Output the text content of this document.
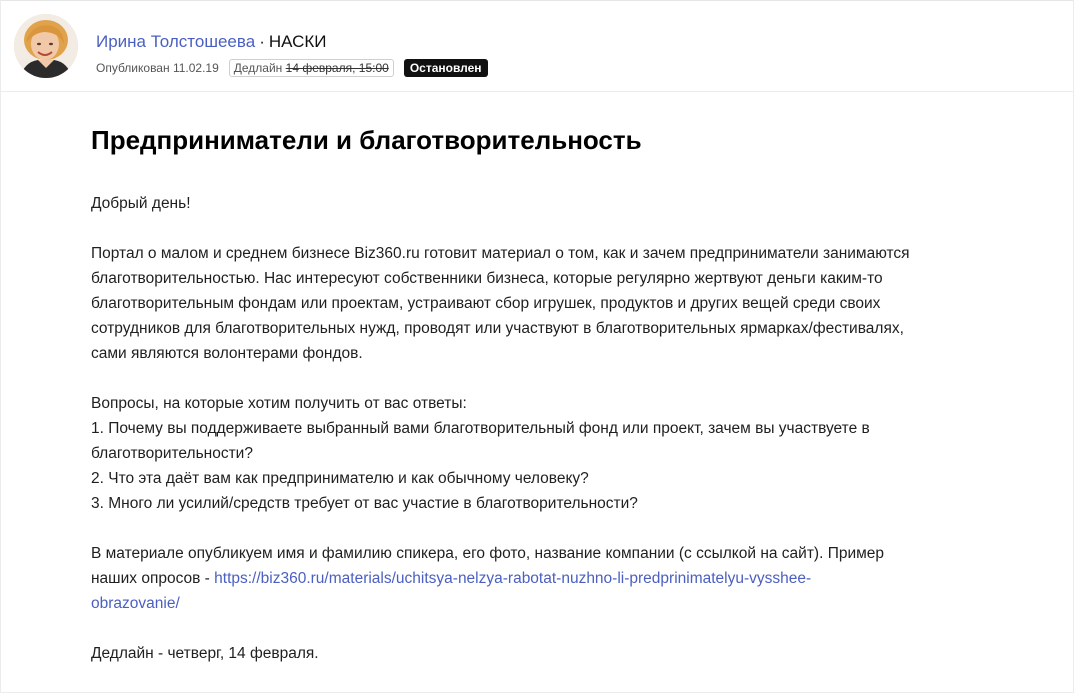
Ирина Толстошеева · НАСКИ
Опубликован 11.02.19	Дедлайн 14 февраля, 15:00	Остановлен
Предприниматели и благотворительность

Добрый день!

Портал о малом и среднем бизнесе Biz360.ru готовит материал о том, как и зачем предприниматели занимаются
благотворительностью. Нас интересуют собственники бизнеса, которые регулярно жертвуют деньги каким-то
благотворительным фондам или проектам, устраивают сбор игрушек, продуктов и других вещей среди своих
сотрудников для благотворительных нужд, проводят или участвуют в благотворительных ярмарках/фестивалях,
сами являются волонтерами фондов.

Вопросы, на которые хотим получить от вас ответы:
1. Почему вы поддерживаете выбранный вами благотворительный фонд или проект, зачем вы участвуете в
благотворительности?
2. Что эта даёт вам как предпринимателю и как обычному человеку?
3. Много ли усилий/средств требует от вас участие в благотворительности?

В материале опубликуем имя и фамилию спикера, его фото, название компании (с ссылкой на сайт). Пример
наших опросов - https://biz360.ru/materials/uchitsya-nelzya-rabotat-nuzhno-li-predprinimatelyu-vysshee-
obrazovanie/

Дедлайн - четверг, 14 февраля.
